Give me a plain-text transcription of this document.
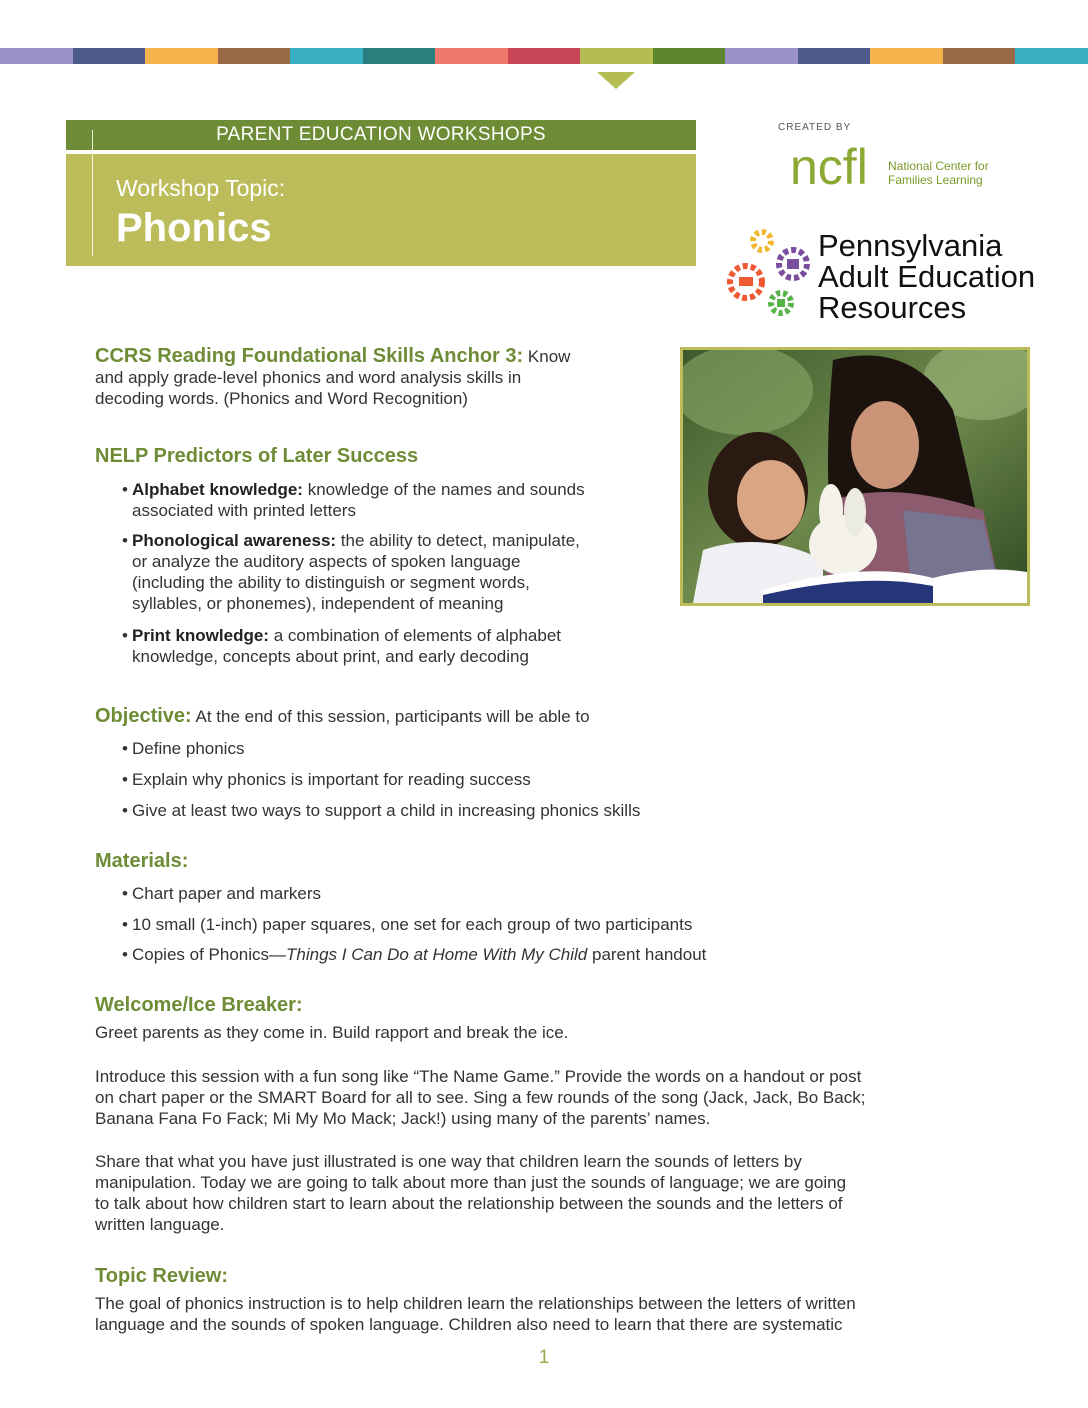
PARENT EDUCATION WORKSHOPS
Workshop Topic:
Phonics
CREATED BY
ncfl National Center for
Families Learning
Pennsylvania
Adult Education
Resources
CCRS Reading Foundational Skills Anchor 3: Know
and apply grade-level phonics and word analysis skills in
decoding words. (Phonics and Word Recognition)
NELP Predictors of Later Success
• Alphabet knowledge: knowledge of the names and sounds
associated with printed letters
• Phonological awareness: the ability to detect, manipulate,
or analyze the auditory aspects of spoken language
(including the ability to distinguish or segment words,
syllables, or phonemes), independent of meaning
• Print knowledge: a combination of elements of alphabet
knowledge, concepts about print, and early decoding
Objective: At the end of this session, participants will be able to
• Define phonics
• Explain why phonics is important for reading success
• Give at least two ways to support a child in increasing phonics skills
Materials:
• Chart paper and markers
• 10 small (1-inch) paper squares, one set for each group of two participants
• Copies of Phonics—Things I Can Do at Home With My Child parent handout
Welcome/Ice Breaker:
Greet parents as they come in. Build rapport and break the ice.
Introduce this session with a fun song like “The Name Game.” Provide the words on a handout or post
on chart paper or the SMART Board for all to see. Sing a few rounds of the song (Jack, Jack, Bo Back;
Banana Fana Fo Fack; Mi My Mo Mack; Jack!) using many of the parents’ names.
Share that what you have just illustrated is one way that children learn the sounds of letters by
manipulation. Today we are going to talk about more than just the sounds of language; we are going
to talk about how children start to learn about the relationship between the sounds and the letters of
written language.
Topic Review:
The goal of phonics instruction is to help children learn the relationships between the letters of written
language and the sounds of spoken language. Children also need to learn that there are systematic
1
